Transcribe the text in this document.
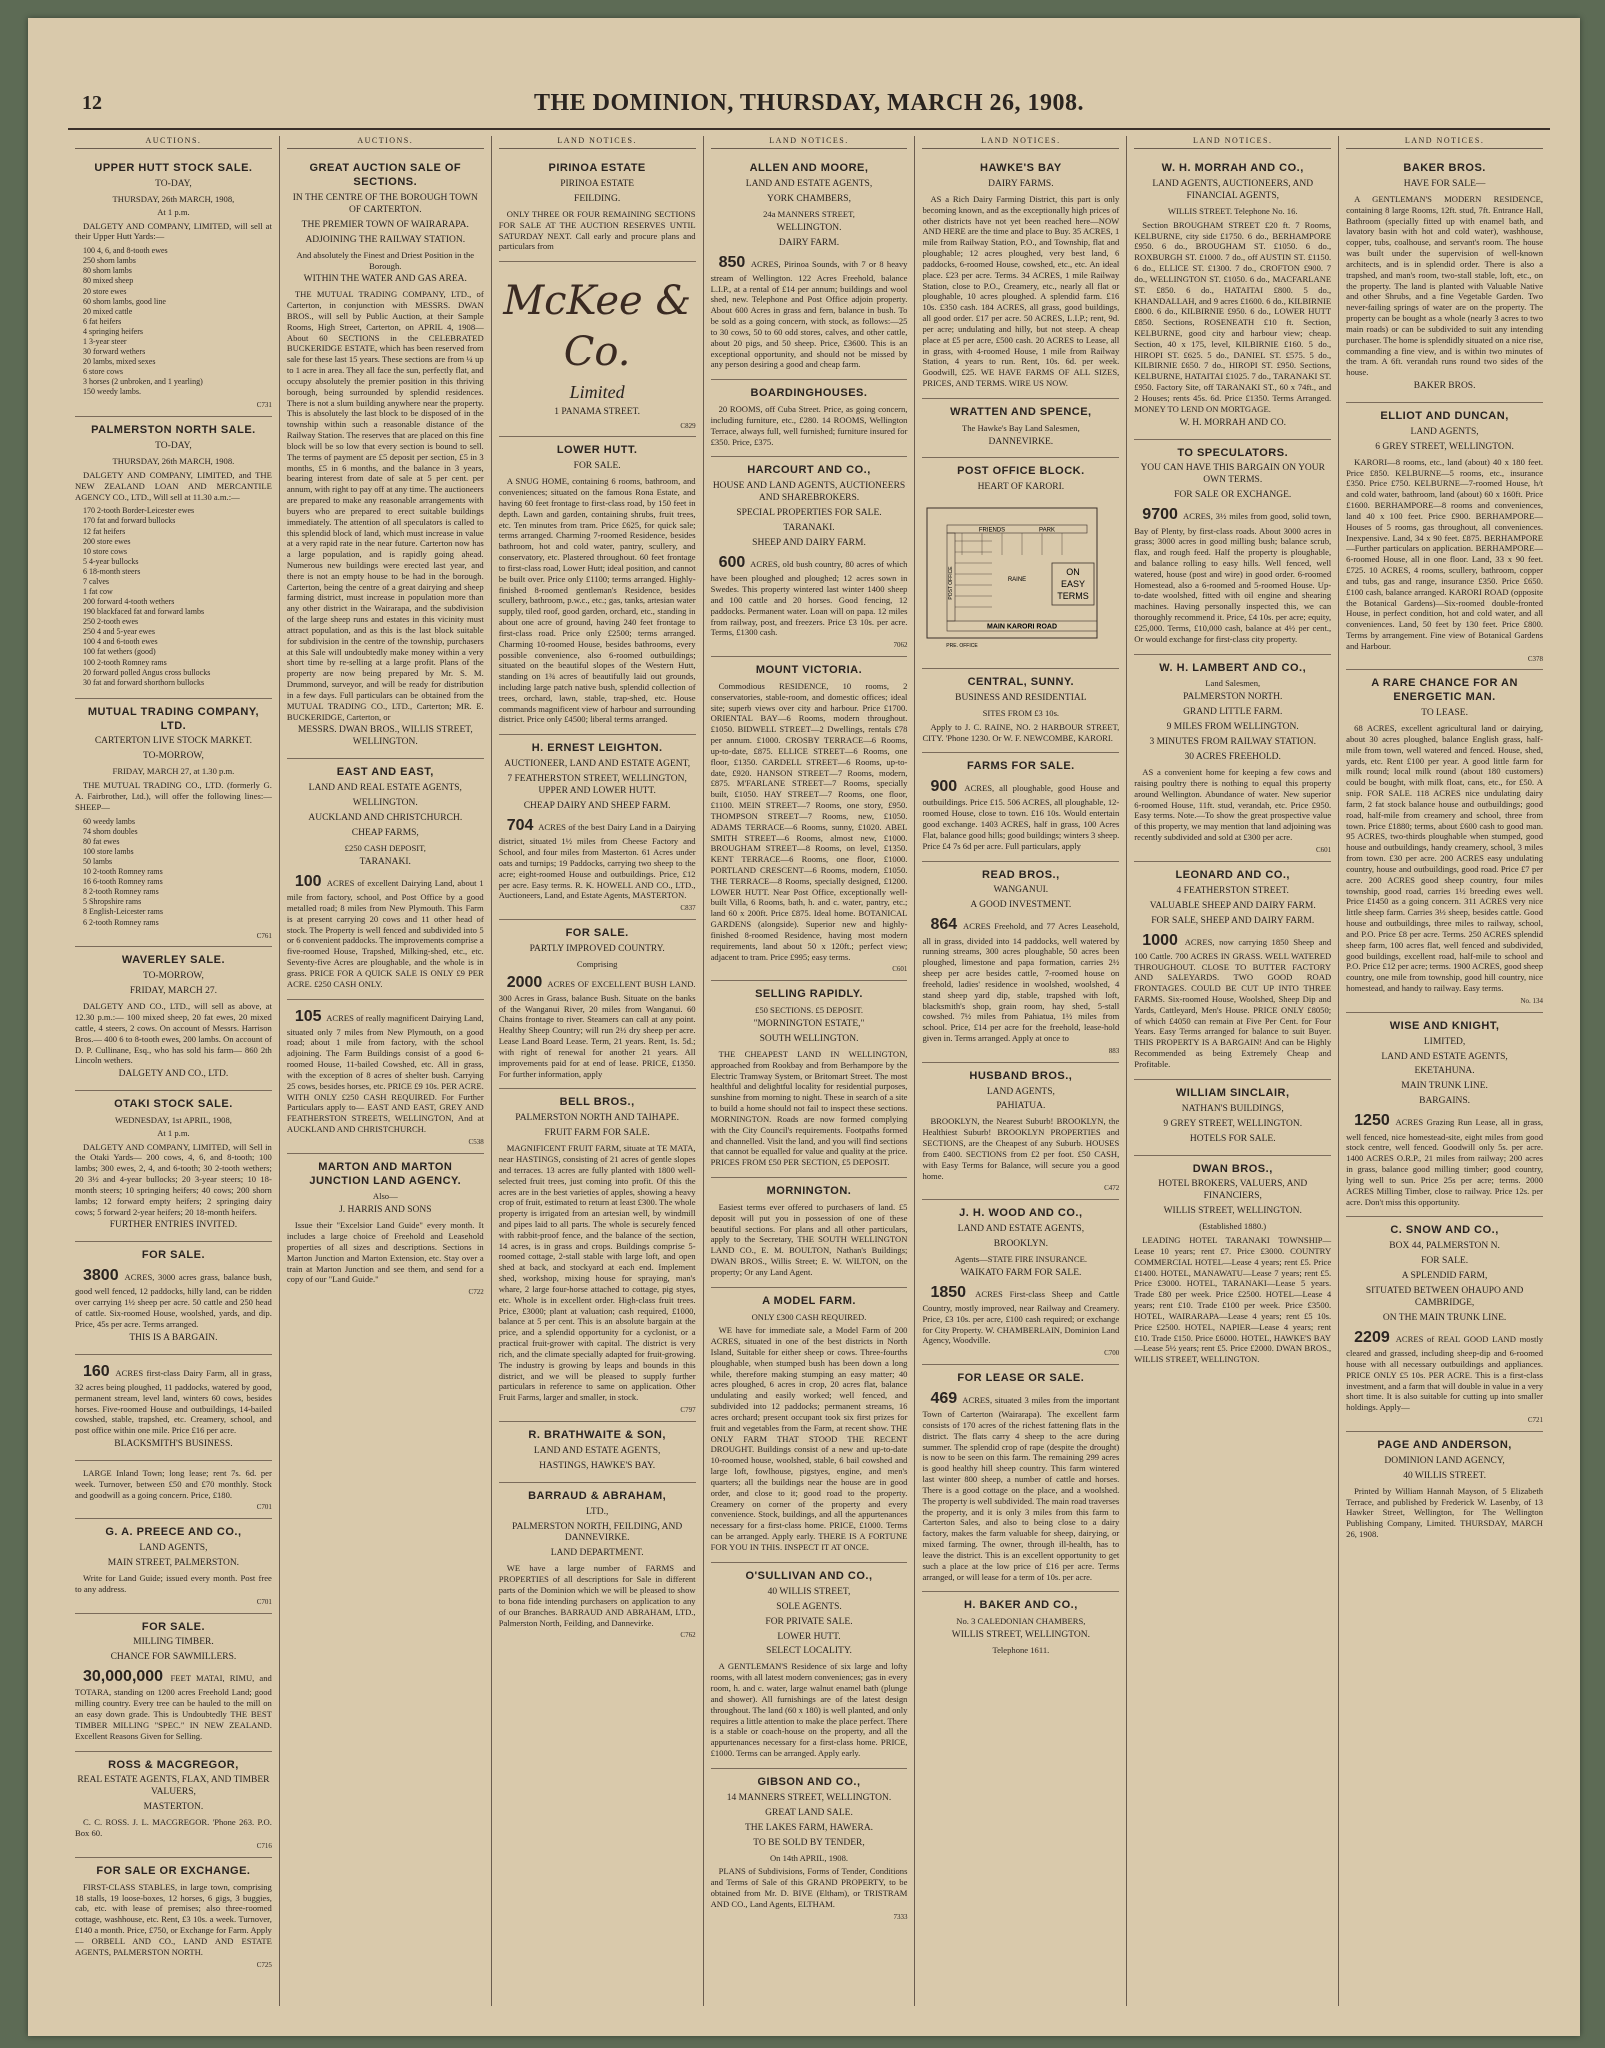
12	THE DOMINION, THURSDAY, MARCH 26, 1908.
AUCTIONS.
UPPER HUTT STOCK SALE.
TO-DAY,
THURSDAY, 26th MARCH, 1908,
At 1 p.m.
DALGETY AND COMPANY, LIMITED, will sell at their Upper Hutt Yards:—
100 4, 6, and 8-tooth ewes
250 shorn lambs
80 shorn lambs
80 mixed sheep
20 store ewes
60 shorn lambs, good line
20 mixed cattle
6 fat heifers
4 springing heifers
1 3-year steer
30 forward wethers
20 lambs, mixed sexes
6 store cows
3 horses (2 unbroken, and 1 yearling)
150 weedy lambs.
C731
PALMERSTON NORTH SALE.
TO-DAY,
THURSDAY, 26th MARCH, 1908.
DALGETY AND COMPANY, LIMITED, and THE NEW ZEALAND LOAN AND MERCANTILE AGENCY CO., LTD., Will sell at 11.30 a.m.:—
170 2-tooth Border-Leicester ewes
170 fat and forward bullocks
12 fat heifers
200 store ewes
10 store cows
5 4-year bullocks
6 18-month steers
7 calves
1 fat cow
200 forward 4-tooth wethers
190 blackfaced fat and forward lambs
250 2-tooth ewes
250 4 and 5-year ewes
100 4 and 6-tooth ewes
100 fat wethers (good)
100 2-tooth Romney rams
20 forward polled Angus cross bullocks
30 fat and forward shorthorn bullocks
MUTUAL TRADING COMPANY, LTD.
CARTERTON LIVE STOCK MARKET.
TO-MORROW,
FRIDAY, MARCH 27, at 1.30 p.m.
THE MUTUAL TRADING CO., LTD. (formerly G. A. Fairbrother, Ltd.), will offer the following lines:— SHEEP—
60 weedy lambs
74 shorn doubles
80 fat ewes
100 store lambs
50 lambs
10 2-tooth Romney rams
16 6-tooth Romney rams
8 2-tooth Romney rams
5 Shropshire rams
8 English-Leicester rams
6 2-tooth Romney rams
C761
WAVERLEY SALE.
TO-MORROW,
FRIDAY, MARCH 27.
DALGETY AND CO., LTD., will sell as above, at 12.30 p.m.:— 100 mixed sheep, 20 fat ewes, 20 mixed cattle, 4 steers, 2 cows. On account of Messrs. Harrison Bros.— 400 6 to 8-tooth ewes, 200 lambs. On account of D. P. Cullinane, Esq., who has sold his farm— 860 2th Lincoln wethers.
DALGETY AND CO., LTD.
OTAKI STOCK SALE.
WEDNESDAY, 1st APRIL, 1908,
At 1 p.m.
DALGETY AND COMPANY, LIMITED, will Sell in the Otaki Yards— 200 cows, 4, 6, and 8-tooth; 100 lambs; 300 ewes, 2, 4, and 6-tooth; 30 2-tooth wethers; 20 3½ and 4-year bullocks; 20 3-year steers; 10 18-month steers; 10 springing heifers; 40 cows; 200 shorn lambs; 12 forward empty heifers; 2 springing dairy cows; 5 forward 2-year heifers; 20 18-month heifers.
FURTHER ENTRIES INVITED.
FOR SALE.
3800 ACRES, 3000 acres grass, balance bush, good well fenced, 12 paddocks, hilly land, can be ridden over carrying 1½ sheep per acre. 50 cattle and 250 head of cattle. Six-roomed House, woolshed, yards, and dip. Price, 45s per acre. Terms arranged.
THIS IS A BARGAIN.
160 ACRES first-class Dairy Farm, all in grass, 32 acres being ploughed, 11 paddocks, watered by good, permanent stream, level land, winters 60 cows, besides horses. Five-roomed House and outbuildings, 14-bailed cowshed, stable, trapshed, etc. Creamery, school, and post office within one mile. Price £16 per acre.
BLACKSMITH'S BUSINESS.
LARGE Inland Town; long lease; rent 7s. 6d. per week. Turnover, between £50 and £70 monthly. Stock and goodwill as a going concern. Price, £180.
C701
G. A. PREECE AND CO.,
LAND AGENTS,
MAIN STREET, PALMERSTON.
Write for Land Guide; issued every month. Post free to any address.
C701
FOR SALE.
MILLING TIMBER.
CHANCE FOR SAWMILLERS.
30,000,000 FEET MATAI, RIMU, and TOTARA, standing on 1200 acres Freehold Land; good milling country. Every tree can be hauled to the mill on an easy down grade. This is Undoubtedly THE BEST TIMBER MILLING "SPEC." IN NEW ZEALAND. Excellent Reasons Given for Selling.
ROSS & MACGREGOR,
REAL ESTATE AGENTS, FLAX, AND TIMBER VALUERS,
MASTERTON.
C. C. ROSS. J. L. MACGREGOR. 'Phone 263. P.O. Box 60.
C716
FOR SALE OR EXCHANGE.
FIRST-CLASS STABLES, in large town, comprising 18 stalls, 19 loose-boxes, 12 horses, 6 gigs, 3 buggies, cab, etc. with lease of premises; also three-roomed cottage, washhouse, etc. Rent, £3 10s. a week. Turnover, £140 a month. Price, £750, or Exchange for Farm. Apply— ORBELL AND CO., LAND AND ESTATE AGENTS, PALMERSTON NORTH.
C725
AUCTIONS.
GREAT AUCTION SALE OF SECTIONS.
IN THE CENTRE OF THE BOROUGH TOWN OF CARTERTON.
THE PREMIER TOWN OF WAIRARAPA.
ADJOINING THE RAILWAY STATION.
And absolutely the Finest and Driest Position in the Borough.
WITHIN THE WATER AND GAS AREA.
THE MUTUAL TRADING COMPANY, LTD., of Carterton, in conjunction with MESSRS. DWAN BROS., will sell by Public Auction, at their Sample Rooms, High Street, Carterton, on APRIL 4, 1908— About 60 SECTIONS in the CELEBRATED BUCKERIDGE ESTATE, which has been reserved from sale for these last 15 years. These sections are from ¼ up to 1 acre in area. They all face the sun, perfectly flat, and occupy absolutely the premier position in this thriving borough, being surrounded by splendid residences. There is not a slum building anywhere near the property. This is absolutely the last block to be disposed of in the township within such a reasonable distance of the Railway Station. The reserves that are placed on this fine block will be so low that every section is bound to sell. The terms of payment are £5 deposit per section, £5 in 3 months, £5 in 6 months, and the balance in 3 years, bearing interest from date of sale at 5 per cent. per annum, with right to pay off at any time. The auctioneers are prepared to make any reasonable arrangements with buyers who are prepared to erect suitable buildings immediately. The attention of all speculators is called to this splendid block of land, which must increase in value at a very rapid rate in the near future. Carterton now has a large population, and is rapidly going ahead. Numerous new buildings were erected last year, and there is not an empty house to be had in the borough. Carterton, being the centre of a great dairying and sheep farming district, must increase in population more than any other district in the Wairarapa, and the subdivision of the large sheep runs and estates in this vicinity must attract population, and as this is the last block suitable for subdivision in the centre of the township, purchasers at this Sale will undoubtedly make money within a very short time by re-selling at a large profit. Plans of the property are now being prepared by Mr. S. M. Drummond, surveyor, and will be ready for distribution in a few days. Full particulars can be obtained from the MUTUAL TRADING CO., LTD., Carterton; MR. E. BUCKERIDGE, Carterton, or
MESSRS. DWAN BROS., WILLIS STREET, WELLINGTON.
EAST AND EAST,
LAND AND REAL ESTATE AGENTS,
WELLINGTON.
AUCKLAND AND CHRISTCHURCH.
CHEAP FARMS,
£250 CASH DEPOSIT,
TARANAKI.
100 ACRES of excellent Dairying Land, about 1 mile from factory, school, and Post Office by a good metalled road; 8 miles from New Plymouth. This Farm is at present carrying 20 cows and 11 other head of stock. The Property is well fenced and subdivided into 5 or 6 convenient paddocks. The improvements comprise a five-roomed House, Trapshed, Milking-shed, etc., etc. Seventy-five Acres are ploughable, and the whole is in grass. PRICE FOR A QUICK SALE IS ONLY £9 PER ACRE. £250 CASH ONLY.
105 ACRES of really magnificent Dairying Land, situated only 7 miles from New Plymouth, on a good road; about 1 mile from factory, with the school adjoining. The Farm Buildings consist of a good 6-roomed House, 11-bailed Cowshed, etc. All in grass, with the exception of 8 acres of shelter bush. Carrying 25 cows, besides horses, etc. PRICE £9 10s. PER ACRE. WITH ONLY £250 CASH REQUIRED. For Further Particulars apply to— EAST AND EAST, GREY AND FEATHERSTON STREETS, WELLINGTON, And at AUCKLAND AND CHRISTCHURCH.
C538
MARTON AND MARTON JUNCTION LAND AGENCY.
Also—
J. HARRIS AND SONS
Issue their "Excelsior Land Guide" every month. It includes a large choice of Freehold and Leasehold properties of all sizes and descriptions. Sections in Marton Junction and Marton Extension, etc. Stay over a train at Marton Junction and see them, and send for a copy of our "Land Guide."
C722
LAND NOTICES.
PIRINOA ESTATE
PIRINOA ESTATE
FEILDING.
ONLY THREE OR FOUR REMAINING SECTIONS FOR SALE AT THE AUCTION RESERVES UNTIL SATURDAY NEXT. Call early and procure plans and particulars from
McKee & Co.
Limited
1 PANAMA STREET.
C829
LOWER HUTT.
FOR SALE.
A SNUG HOME, containing 6 rooms, bathroom, and conveniences; situated on the famous Rona Estate, and having 60 feet frontage to first-class road, by 150 feet in depth. Lawn and garden, containing shrubs, fruit trees, etc. Ten minutes from tram. Price £625, for quick sale; terms arranged. Charming 7-roomed Residence, besides bathroom, hot and cold water, pantry, scullery, and conservatory, etc. Plastered throughout. 60 feet frontage to first-class road, Lower Hutt; ideal position, and cannot be built over. Price only £1100; terms arranged. Highly-finished 8-roomed gentleman's Residence, besides scullery, bathroom, p.w.c., etc.; gas, tanks, artesian water supply, tiled roof, good garden, orchard, etc., standing in about one acre of ground, having 240 feet frontage to first-class road. Price only £2500; terms arranged. Charming 10-roomed House, besides bathrooms, every possible convenience, also 6-roomed outbuildings; situated on the beautiful slopes of the Western Hutt, standing on 1¾ acres of beautifully laid out grounds, including large patch native bush, splendid collection of trees, orchard, lawn, stable, trap-shed, etc. House commands magnificent view of harbour and surrounding district. Price only £4500; liberal terms arranged.
H. ERNEST LEIGHTON.
AUCTIONEER, LAND AND ESTATE AGENT,
7 FEATHERSTON STREET, WELLINGTON, UPPER AND LOWER HUTT.
CHEAP DAIRY AND SHEEP FARM.
704 ACRES of the best Dairy Land in a Dairying district, situated 1½ miles from Cheese Factory and School, and four miles from Masterton. 61 Acres under oats and turnips; 19 Paddocks, carrying two sheep to the acre; eight-roomed House and outbuildings. Price, £12 per acre. Easy terms. R. K. HOWELL AND CO., LTD., Auctioneers, Land, and Estate Agents, MASTERTON.
C837
FOR SALE.
PARTLY IMPROVED COUNTRY.
Comprising
2000 ACRES OF EXCELLENT BUSH LAND. 300 Acres in Grass, balance Bush. Situate on the banks of the Wanganui River, 20 miles from Wanganui. 60 Chains frontage to river. Steamers can call at any point. Healthy Sheep Country; will run 2½ dry sheep per acre. Lease Land Board Lease. Term, 21 years. Rent, 1s. 5d.; with right of renewal for another 21 years. All improvements paid for at end of lease. PRICE, £1350. For further information, apply
BELL BROS.,
PALMERSTON NORTH AND TAIHAPE.
FRUIT FARM FOR SALE.
MAGNIFICENT FRUIT FARM, situate at TE MATA, near HASTINGS, consisting of 21 acres of gentle slopes and terraces. 13 acres are fully planted with 1800 well-selected fruit trees, just coming into profit. Of this the acres are in the best varieties of apples, showing a heavy crop of fruit, estimated to return at least £300. The whole property is irrigated from an artesian well, by windmill and pipes laid to all parts. The whole is securely fenced with rabbit-proof fence, and the balance of the section, 14 acres, is in grass and crops. Buildings comprise 5-roomed cottage, 2-stall stable with large loft, and open shed at back, and stockyard at each end. Implement shed, workshop, mixing house for spraying, man's whare, 2 large four-horse attached to cottage, pig styes, etc. Whole is in excellent order. High-class fruit trees. Price, £3000; plant at valuation; cash required, £1000, balance at 5 per cent. This is an absolute bargain at the price, and a splendid opportunity for a cyclonist, or a practical fruit-grower with capital. The district is very rich, and the climate specially adapted for fruit-growing. The industry is growing by leaps and bounds in this district, and we will be pleased to supply further particulars in reference to same on application. Other Fruit Farms, larger and smaller, in stock.
C797
R. BRATHWAITE & SON,
LAND AND ESTATE AGENTS,
HASTINGS, HAWKE'S BAY.
BARRAUD & ABRAHAM,
LTD.,
PALMERSTON NORTH, FEILDING, AND DANNEVIRKE.
LAND DEPARTMENT.
WE have a large number of FARMS and PROPERTIES of all descriptions for Sale in different parts of the Dominion which we will be pleased to show to bona fide intending purchasers on application to any of our Branches. BARRAUD AND ABRAHAM, LTD., Palmerston North, Feilding, and Dannevirke.
C762
LAND NOTICES.
ALLEN AND MOORE,
LAND AND ESTATE AGENTS,
YORK CHAMBERS,
24a MANNERS STREET,
WELLINGTON.
DAIRY FARM.
850 ACRES, Pirinoa Sounds, with 7 or 8 heavy stream of Wellington. 122 Acres Freehold, balance L.I.P., at a rental of £14 per annum; buildings and wool shed, new. Telephone and Post Office adjoin property. About 600 Acres in grass and fern, balance in bush. To be sold as a going concern, with stock, as follows:—25 to 30 cows, 50 to 60 odd stores, calves, and other cattle, about 20 pigs, and 50 sheep. Price, £3600. This is an exceptional opportunity, and should not be missed by any person desiring a good and cheap farm.
BOARDINGHOUSES.
20 ROOMS, off Cuba Street. Price, as going concern, including furniture, etc., £280. 14 ROOMS, Wellington Terrace, always full, well furnished; furniture insured for £350. Price, £375.
HARCOURT AND CO.,
HOUSE AND LAND AGENTS, AUCTIONEERS AND SHAREBROKERS.
SPECIAL PROPERTIES FOR SALE.
TARANAKI.
SHEEP AND DAIRY FARM.
600 ACRES, old bush country, 80 acres of which have been ploughed and ploughed; 12 acres sown in Swedes. This property wintered last winter 1400 sheep and 100 cattle and 20 horses. Good fencing, 12 paddocks. Permanent water. Loan will on papa. 12 miles from railway, post, and freezers. Price £3 10s. per acre. Terms, £1300 cash.
7062
MOUNT VICTORIA.
Commodious RESIDENCE, 10 rooms, 2 conservatories, stable-room, and domestic offices; ideal site; superb views over city and harbour. Price £1700. ORIENTAL BAY—6 Rooms, modern throughout. £1050. BIDWELL STREET—2 Dwellings, rentals £78 per annum. £1000. CROSBY TERRACE—6 Rooms, up-to-date, £875. ELLICE STREET—6 Rooms, one floor, £1350. CARDELL STREET—6 Rooms, up-to-date, £920. HANSON STREET—7 Rooms, modern, £875. M'FARLANE STREET—7 Rooms, specially built, £1050. HAY STREET—7 Rooms, one floor, £1100. MEIN STREET—7 Rooms, one story, £950. THOMPSON STREET—7 Rooms, new, £1050. ADAMS TERRACE—6 Rooms, sunny, £1020. ABEL SMITH STREET—6 Rooms, almost new, £1000. BROUGHAM STREET—8 Rooms, on level, £1350. KENT TERRACE—6 Rooms, one floor, £1000. PORTLAND CRESCENT—6 Rooms, modern, £1050. THE TERRACE—8 Rooms, specially designed, £1200. LOWER HUTT. Near Post Office, exceptionally well-built Villa, 6 Rooms, bath, h. and c. water, pantry, etc.; land 60 x 200ft. Price £875. Ideal home. BOTANICAL GARDENS (alongside). Superior new and highly-finished 8-roomed Residence, having most modern requirements, land about 50 x 120ft.; perfect view; adjacent to tram. Price £995; easy terms.
C601
SELLING RAPIDLY.
£50 SECTIONS. £5 DEPOSIT.
"MORNINGTON ESTATE,"
SOUTH WELLINGTON.
THE CHEAPEST LAND IN WELLINGTON, approached from Rookbay and from Berhampore by the Electric Tramway System, or Britomart Street. The most healthful and delightful locality for residential purposes, sunshine from morning to night. These in search of a site to build a home should not fail to inspect these sections. MORNINGTON. Roads are now formed complying with the City Council's requirements. Footpaths formed and channelled. Visit the land, and you will find sections that cannot be equalled for value and quality at the price. PRICES FROM £50 PER SECTION, £5 DEPOSIT.
MORNINGTON.
Easiest terms ever offered to purchasers of land. £5 deposit will put you in possession of one of these beautiful sections. For plans and all other particulars, apply to the Secretary, THE SOUTH WELLINGTON LAND CO., E. M. BOULTON, Nathan's Buildings; DWAN BROS., Willis Street; E. W. WILTON, on the property; Or any Land Agent.
A MODEL FARM.
ONLY £300 CASH REQUIRED.
WE have for immediate sale, a Model Farm of 200 ACRES, situated in one of the best districts in North Island, Suitable for either sheep or cows. Three-fourths ploughable, when stumped bush has been down a long while, therefore making stumping an easy matter; 40 acres ploughed, 6 acres in crop, 20 acres flat, balance undulating and easily worked; well fenced, and subdivided into 12 paddocks; permanent streams, 16 acres orchard; present occupant took six first prizes for fruit and vegetables from the Farm, at recent show. THE ONLY FARM THAT STOOD THE RECENT DROUGHT. Buildings consist of a new and up-to-date 10-roomed house, woolshed, stable, 6 bail cowshed and large loft, fowlhouse, pigstyes, engine, and men's quarters; all the buildings near the house are in good order, and close to it; good road to the property. Creamery on corner of the property and every convenience. Stock, buildings, and all the appurtenances necessary for a first-class home. PRICE, £1000. Terms can be arranged. Apply early. THERE IS A FORTUNE FOR YOU IN THIS. INSPECT IT AT ONCE.
O'SULLIVAN AND CO.,
40 WILLIS STREET,
SOLE AGENTS.
FOR PRIVATE SALE.
LOWER HUTT.
SELECT LOCALITY.
A GENTLEMAN'S Residence of six large and lofty rooms, with all latest modern conveniences; gas in every room, h. and c. water, large walnut enamel bath (plunge and shower). All furnishings are of the latest design throughout. The land (60 x 180) is well planted, and only requires a little attention to make the place perfect. There is a stable or coach-house on the property, and all the appurtenances necessary for a first-class home. PRICE, £1000. Terms can be arranged. Apply early.
GIBSON AND CO.,
14 MANNERS STREET, WELLINGTON.
GREAT LAND SALE.
THE LAKES FARM, HAWERA.
TO BE SOLD BY TENDER,
On 14th APRIL, 1908.
PLANS of Subdivisions, Forms of Tender, Conditions and Terms of Sale of this GRAND PROPERTY, to be obtained from Mr. D. BIVE (Eltham), or TRISTRAM AND CO., Land Agents, ELTHAM.
7333
LAND NOTICES.
HAWKE'S BAY
DAIRY FARMS.
AS a Rich Dairy Farming District, this part is only becoming known, and as the exceptionally high prices of other districts have not yet been reached here—NOW AND HERE are the time and place to Buy. 35 ACRES, 1 mile from Railway Station, P.O., and Township, flat and ploughable; 12 acres ploughed, very best land, 6 paddocks, 6-roomed House, cowshed, etc., etc. An ideal place. £23 per acre. Terms. 34 ACRES, 1 mile Railway Station, close to P.O., Creamery, etc., nearly all flat or ploughable, 10 acres ploughed. A splendid farm. £16 10s. £350 cash. 184 ACRES, all grass, good buildings, all good order. £17 per acre. 50 ACRES, L.I.P.; rent, 9d. per acre; undulating and hilly, but not steep. A cheap place at £5 per acre, £500 cash. 20 ACRES to Lease, all in grass, with 4-roomed House, 1 mile from Railway Station, 4 years to run. Rent, 10s. 6d. per week. Goodwill, £25. WE HAVE FARMS OF ALL SIZES, PRICES, AND TERMS. WIRE US NOW.
WRATTEN AND SPENCE,
The Hawke's Bay Land Salesmen,
DANNEVIRKE.
POST OFFICE BLOCK.
HEART OF KARORI.
FRIENDS	PARK
POST OFFICE	RAINE
ON
EASY
TERMS
MAIN KARORI ROAD
PRE. OFFICE
CENTRAL, SUNNY.
BUSINESS AND RESIDENTIAL
SITES FROM £3 10s.
Apply to J. C. RAINE, NO. 2 HARBOUR STREET, CITY. 'Phone 1230. Or W. F. NEWCOMBE, KARORI.
FARMS FOR SALE.
900 ACRES, all ploughable, good House and outbuildings. Price £15. 506 ACRES, all ploughable, 12-roomed House, close to town. £16 10s. Would entertain good exchange. 1403 ACRES, half in grass, 100 Acres Flat, balance good hills; good buildings; winters 3 sheep. Price £4 7s 6d per acre. Full particulars, apply
READ BROS.,
WANGANUI.
A GOOD INVESTMENT.
864 ACRES Freehold, and 77 Acres Leasehold, all in grass, divided into 14 paddocks, well watered by running streams, 300 acres ploughable, 50 acres been ploughed, limestone and papa formation, carries 2½ sheep per acre besides cattle, 7-roomed house on freehold, ladies' residence in woolshed, woolshed, 4 stand sheep yard dip, stable, trapshed with loft, blacksmith's shop, grain room, hay shed, 5-stall cowshed. 7½ miles from Pahiatua, 1½ miles from school. Price, £14 per acre for the freehold, lease-hold given in. Terms arranged. Apply at once to
883
HUSBAND BROS.,
LAND AGENTS,
PAHIATUA.
BROOKLYN, the Nearest Suburb! BROOKLYN, the Healthiest Suburb! BROOKLYN PROPERTIES and SECTIONS, are the Cheapest of any Suburb. HOUSES from £400. SECTIONS from £2 per foot. £50 CASH, with Easy Terms for Balance, will secure you a good home.
C472
J. H. WOOD AND CO.,
LAND AND ESTATE AGENTS,
BROOKLYN.
Agents—STATE FIRE INSURANCE.
WAIKATO FARM FOR SALE.
1850 ACRES First-class Sheep and Cattle Country, mostly improved, near Railway and Creamery. Price, £3 10s. per acre, £100 cash required; or exchange for City Property. W. CHAMBERLAIN, Dominion Land Agency, Woodville.
C700
FOR LEASE OR SALE.
469 ACRES, situated 3 miles from the important Town of Carterton (Wairarapa). The excellent farm consists of 170 acres of the richest fattening flats in the district. The flats carry 4 sheep to the acre during summer. The splendid crop of rape (despite the drought) is now to be seen on this farm. The remaining 299 acres is good healthy hill sheep country. This farm wintered last winter 800 sheep, a number of cattle and horses. There is a good cottage on the place, and a woolshed. The property is well subdivided. The main road traverses the property, and it is only 3 miles from this farm to Carterton Sales, and also to being close to a dairy factory, makes the farm valuable for sheep, dairying, or mixed farming. The owner, through ill-health, has to leave the district. This is an excellent opportunity to get such a place at the low price of £16 per acre. Terms arranged, or will lease for a term of 10s. per acre.
H. BAKER AND CO.,
No. 3 CALEDONIAN CHAMBERS,
WILLIS STREET, WELLINGTON.
Telephone 1611.
LAND NOTICES.
W. H. MORRAH AND CO.,
LAND AGENTS, AUCTIONEERS, AND FINANCIAL AGENTS,
WILLIS STREET. Telephone No. 16.
Section BROUGHAM STREET £20 ft. 7 Rooms, KELBURNE, city side £1750. 6 do., BERHAMPORE £950. 6 do., BROUGHAM ST. £1050. 6 do., ROXBURGH ST. £1000. 7 do., off AUSTIN ST. £1150. 6 do., ELLICE ST. £1300. 7 do., CROFTON £900. 7 do., WELLINGTON ST. £1050. 6 do., MACFARLANE ST. £850. 6 do., HATAITAI £800. 5 do., KHANDALLAH, and 9 acres £1600. 6 do., KILBIRNIE £800. 6 do., KILBIRNIE £950. 6 do., LOWER HUTT £850. Sections, ROSENEATH £10 ft. Section, KELBURNE, good city and harbour view; cheap. Section, 40 x 175, level, KILBIRNIE £160. 5 do., HIROPI ST. £625. 5 do., DANIEL ST. £575. 5 do., KILBIRNIE £650. 7 do., HIROPI ST. £950. Sections, KELBURNE, HATAITAI £1025. 7 do., TARANAKI ST. £950. Factory Site, off TARANAKI ST., 60 x 74ft., and 2 Houses; rents 45s. 6d. Price £1350. Terms Arranged. MONEY TO LEND ON MORTGAGE.
W. H. MORRAH AND CO.
TO SPECULATORS.
YOU CAN HAVE THIS BARGAIN ON YOUR OWN TERMS.
FOR SALE OR EXCHANGE.
9700 ACRES, 3½ miles from good, solid town, Bay of Plenty, by first-class roads. About 3000 acres in grass; 3000 acres in good milling bush; balance scrub, flax, and rough feed. Half the property is ploughable, and balance rolling to easy hills. Well fenced, well watered, house (post and wire) in good order. 6-roomed Homestead, also a 6-roomed and 5-roomed House. Up-to-date woolshed, fitted with oil engine and shearing machines. Having personally inspected this, we can thoroughly recommend it. Price, £4 10s. per acre; equity, £25,000. Terms, £10,000 cash, balance at 4½ per cent., Or would exchange for first-class city property.
W. H. LAMBERT AND CO.,
Land Salesmen,
PALMERSTON NORTH.
GRAND LITTLE FARM.
9 MILES FROM WELLINGTON.
3 MINUTES FROM RAILWAY STATION.
30 ACRES FREEHOLD.
AS a convenient home for keeping a few cows and raising poultry there is nothing to equal this property around Wellington. Abundance of water. New superior 6-roomed House, 11ft. stud, verandah, etc. Price £950. Easy terms. Note.—To show the great prospective value of this property, we may mention that land adjoining was recently subdivided and sold at £300 per acre.
C601
LEONARD AND CO.,
4 FEATHERSTON STREET.
VALUABLE SHEEP AND DAIRY FARM.
FOR SALE, SHEEP AND DAIRY FARM.
1000 ACRES, now carrying 1850 Sheep and 100 Cattle. 700 ACRES IN GRASS. WELL WATERED THROUGHOUT. CLOSE TO BUTTER FACTORY AND SALEYARDS. TWO GOOD ROAD FRONTAGES. COULD BE CUT UP INTO THREE FARMS. Six-roomed House, Woolshed, Sheep Dip and Yards, Cattleyard, Men's House. PRICE ONLY £8050; of which £4050 can remain at Five Per Cent. for Four Years. Easy Terms arranged for balance to suit Buyer. THIS PROPERTY IS A BARGAIN! And can be Highly Recommended as being Extremely Cheap and Profitable.
WILLIAM SINCLAIR,
NATHAN'S BUILDINGS,
9 GREY STREET, WELLINGTON.
HOTELS FOR SALE.
DWAN BROS.,
HOTEL BROKERS, VALUERS, AND FINANCIERS,
WILLIS STREET, WELLINGTON.
(Established 1880.)
LEADING HOTEL TARANAKI TOWNSHIP—Lease 10 years; rent £7. Price £3000. COUNTRY COMMERCIAL HOTEL—Lease 4 years; rent £5. Price £1400. HOTEL, MANAWATU—Lease 7 years; rent £5. Price £3000. HOTEL, TARANAKI—Lease 5 years. Trade £80 per week. Price £2500. HOTEL—Lease 4 years; rent £10. Trade £100 per week. Price £3500. HOTEL, WAIRARAPA—Lease 4 years; rent £5 10s. Price £2500. HOTEL, NAPIER—Lease 4 years; rent £10. Trade £150. Price £6000. HOTEL, HAWKE'S BAY—Lease 5½ years; rent £5. Price £2000. DWAN BROS., WILLIS STREET, WELLINGTON.
LAND NOTICES.
BAKER BROS.
HAVE FOR SALE—
A GENTLEMAN'S MODERN RESIDENCE, containing 8 large Rooms, 12ft. stud, 7ft. Entrance Hall, Bathroom (specially fitted up with enamel bath, and lavatory basin with hot and cold water), washhouse, copper, tubs, coalhouse, and servant's room. The house was built under the supervision of well-known architects, and is in splendid order. There is also a trapshed, and man's room, two-stall stable, loft, etc., on the property. The land is planted with Valuable Native and other Shrubs, and a fine Vegetable Garden. Two never-failing springs of water are on the property. The property can be bought as a whole (nearly 3 acres to two main roads) or can be subdivided to suit any intending purchaser. The home is splendidly situated on a nice rise, commanding a fine view, and is within two minutes of the tram. A 6ft. verandah runs round two sides of the house.
BAKER BROS.
ELLIOT AND DUNCAN,
LAND AGENTS,
6 GREY STREET, WELLINGTON.
KARORI—8 rooms, etc., land (about) 40 x 180 feet. Price £850. KELBURNE—5 rooms, etc., insurance £350. Price £750. KELBURNE—7-roomed House, h/t and cold water, bathroom, land (about) 60 x 160ft. Price £1600. BERHAMPORE—8 rooms and conveniences, land 40 x 100 feet. Price £900. BERHAMPORE—Houses of 5 rooms, gas throughout, all conveniences. Inexpensive. Land, 34 x 90 feet. £875. BERHAMPORE—Further particulars on application. BERHAMPORE—6-roomed House, all in one floor. Land, 33 x 90 feet. £725. 10 ACRES, 4 rooms, scullery, bathroom, copper and tubs, gas and range, insurance £350. Price £650. £100 cash, balance arranged. KARORI ROAD (opposite the Botanical Gardens)—Six-roomed double-fronted House, in perfect condition, hot and cold water, and all conveniences. Land, 50 feet by 130 feet. Price £800. Terms by arrangement. Fine view of Botanical Gardens and Harbour.
C378
A RARE CHANCE FOR AN ENERGETIC MAN.
TO LEASE.
68 ACRES, excellent agricultural land or dairying, about 30 acres ploughed, balance English grass, half-mile from town, well watered and fenced. House, shed, yards, etc. Rent £100 per year. A good little farm for milk round; local milk round (about 180 customers) could be bought, with milk float, cans, etc., for £50. A snip. FOR SALE. 118 ACRES nice undulating dairy farm, 2 fat stock balance house and outbuildings; good road, half-mile from creamery and school, three from town. Price £1880; terms, about £600 cash to good man. 95 ACRES, two-thirds ploughable when stumped, good house and outbuildings, handy creamery, school, 3 miles from town. £30 per acre. 200 ACRES easy undulating country, house and outbuildings, good road. Price £7 per acre. 200 ACRES good sheep country, four miles township, good road, carries 1½ breeding ewes well. Price £1450 as a going concern. 311 ACRES very nice little sheep farm. Carries 3½ sheep, besides cattle. Good house and outbuildings, three miles to railway, school, and P.O. Price £8 per acre. Terms. 250 ACRES splendid sheep farm, 100 acres flat, well fenced and subdivided, good buildings, excellent road, half-mile to school and P.O. Price £12 per acre; terms. 1900 ACRES, good sheep country, one mile from township, good hill country, nice homestead, and handy to railway. Easy terms.
No. 134
WISE AND KNIGHT,
LIMITED,
LAND AND ESTATE AGENTS,
EKETAHUNA.
MAIN TRUNK LINE.
BARGAINS.
1250 ACRES Grazing Run Lease, all in grass, well fenced, nice homestead-site, eight miles from good stock centre, well fenced. Goodwill only 5s. per acre. 1400 ACRES O.R.P., 21 miles from railway; 200 acres in grass, balance good milling timber; good country, lying well to sun. Price 25s per acre; terms. 2000 ACRES Milling Timber, close to railway. Price 12s. per acre. Don't miss this opportunity.
C. SNOW AND CO.,
BOX 44, PALMERSTON N.
FOR SALE.
A SPLENDID FARM,
SITUATED BETWEEN OHAUPO AND CAMBRIDGE,
ON THE MAIN TRUNK LINE.
2209 ACRES of REAL GOOD LAND mostly cleared and grassed, including sheep-dip and 6-roomed house with all necessary outbuildings and appliances. PRICE ONLY £5 10s. PER ACRE. This is a first-class investment, and a farm that will double in value in a very short time. It is also suitable for cutting up into smaller holdings. Apply—
C721
PAGE AND ANDERSON,
DOMINION LAND AGENCY,
40 WILLIS STREET.
Printed by William Hannah Mayson, of 5 Elizabeth Terrace, and published by Frederick W. Lasenby, of 13 Hawker Street, Wellington, for The Wellington Publishing Company, Limited. THURSDAY, MARCH 26, 1908.
